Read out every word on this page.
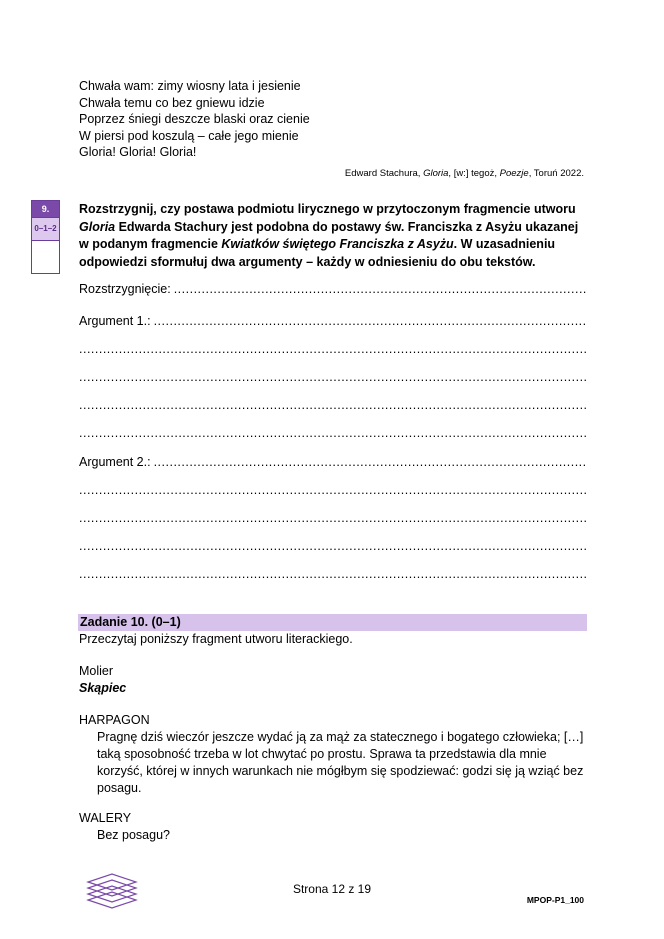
Chwała wam: zimy wiosny lata i jesienie
Chwała temu co bez gniewu idzie
Poprzez śniegi deszcze blaski oraz cienie
W piersi pod koszulą – całe jego mienie
Gloria! Gloria! Gloria!
Edward Stachura, Gloria, [w:] tegoż, Poezje, Toruń 2022.
9.
0–1–2
Rozstrzygnij, czy postawa podmiotu lirycznego w przytoczonym fragmencie utworu Gloria Edwarda Stachury jest podobna do postawy św. Franciszka z Asyżu ukazanej w podanym fragmencie Kwiatków świętego Franciszka z Asyżu. W uzasadnieniu odpowiedzi sformułuj dwa argumenty – każdy w odniesieniu do obu tekstów.
Rozstrzygnięcie:
.....
Argument 1.:
.....
.....
.....
.....
.....
Argument 2.:
.....
.....
.....
.....
.....
Zadanie 10. (0–1)
Przeczytaj poniższy fragment utworu literackiego.
Molier
Skąpiec
HARPAGON
Pragnę dziś wieczór jeszcze wydać ją za mąż za statecznego i bogatego człowieka; […]
taką sposobność trzeba w lot chwytać po prostu. Sprawa ta przedstawia dla mnie
korzyść, której w innych warunkach nie mógłbym się spodziewać: godzi się ją wziąć bez
posagu.
WALERY
Bez posagu?
Strona 12 z 19
MPOP-P1_100
